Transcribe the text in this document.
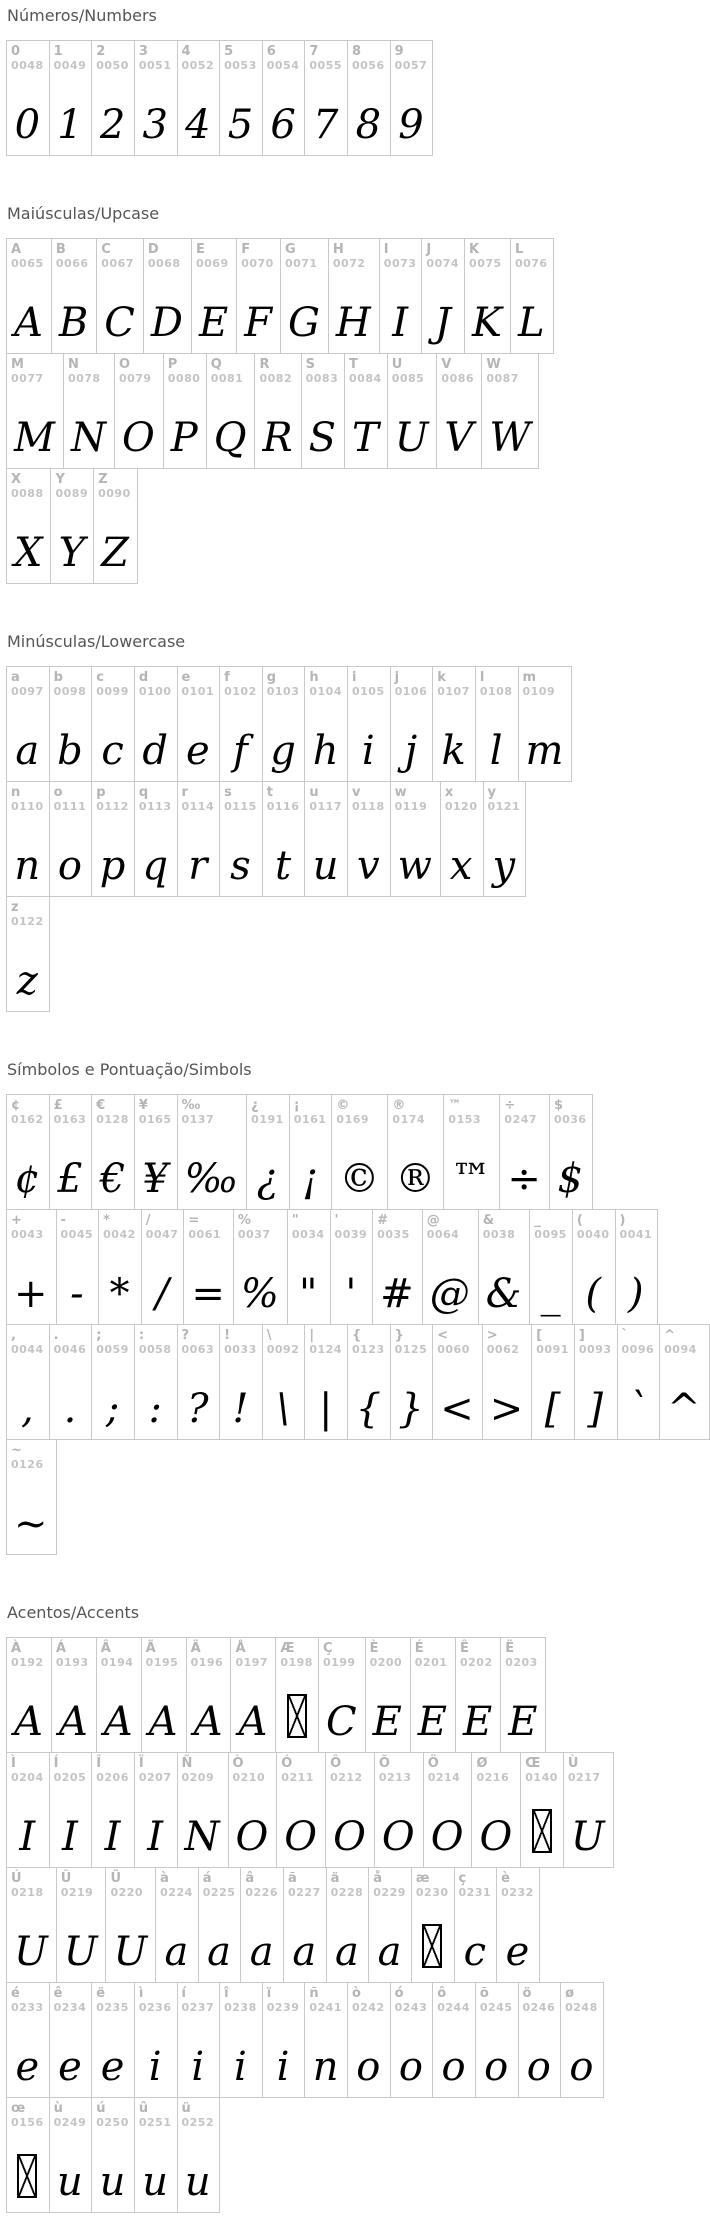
Números/Numbers
0
0048
0
1
0049
1
2
0050
2
3
0051
3
4
0052
4
5
0053
5
6
0054
6
7
0055
7
8
0056
8
9
0057
9
Maiúsculas/Upcase
A
0065
A
B
0066
B
C
0067
C
D
0068
D
E
0069
E
F
0070
F
G
0071
G
H
0072
H
I
0073
I
J
0074
J
K
0075
K
L
0076
L
M
0077
M
N
0078
N
O
0079
O
P
0080
P
Q
0081
Q
R
0082
R
S
0083
S
T
0084
T
U
0085
U
V
0086
V
W
0087
W
X
0088
X
Y
0089
Y
Z
0090
Z
Minúsculas/Lowercase
a
0097
a
b
0098
b
c
0099
c
d
0100
d
e
0101
e
f
0102
f
g
0103
g
h
0104
h
i
0105
i
j
0106
j
k
0107
k
l
0108
l
m
0109
m
n
0110
n
o
0111
o
p
0112
p
q
0113
q
r
0114
r
s
0115
s
t
0116
t
u
0117
u
v
0118
v
w
0119
w
x
0120
x
y
0121
y
z
0122
z
Símbolos e Pontuação/Simbols
¢
0162
¢
£
0163
£
€
0128
€
¥
0165
¥
‰
0137
‰
¿
0191
¿
¡
0161
¡
©
0169
©
®
0174
®
™
0153
™
÷
0247
÷
$
0036
$
+
0043
+
-
0045
-
*
0042
*
/
0047
/
=
0061
=
%
0037
%
"
0034
"
'
0039
'
#
0035
#
@
0064
@
&
0038
&
_
0095
_
(
0040
(
)
0041
)
,
0044
,
.
0046
.
;
0059
;
:
0058
:
?
0063
?
!
0033
!
\
0092
\
|
0124
|
{
0123
{
}
0125
}
<
0060
<
>
0062
>
[
0091
[
]
0093
]
`
0096
`
^
0094
^
~
0126
~
Acentos/Accents
À
0192
A
Á
0193
A
Â
0194
A
Ã
0195
A
Ä
0196
A
Å
0197
A
Æ
0198
Ç
0199
C
È
0200
E
É
0201
E
Ê
0202
E
Ë
0203
E
Ì
0204
I
Í
0205
I
Î
0206
I
Ï
0207
I
Ñ
0209
N
Ò
0210
O
Ó
0211
O
Ô
0212
O
Õ
0213
O
Ö
0214
O
Ø
0216
O
Œ
0140
Ù
0217
U
Ú
0218
U
Û
0219
U
Ü
0220
U
à
0224
a
á
0225
a
â
0226
a
ã
0227
a
ä
0228
a
å
0229
a
æ
0230
ç
0231
c
è
0232
e
é
0233
e
ê
0234
e
ë
0235
e
ì
0236
i
í
0237
i
î
0238
i
ï
0239
i
ñ
0241
n
ò
0242
o
ó
0243
o
ô
0244
o
õ
0245
o
ö
0246
o
ø
0248
o
œ
0156
ù
0249
u
ú
0250
u
û
0251
u
ü
0252
u
